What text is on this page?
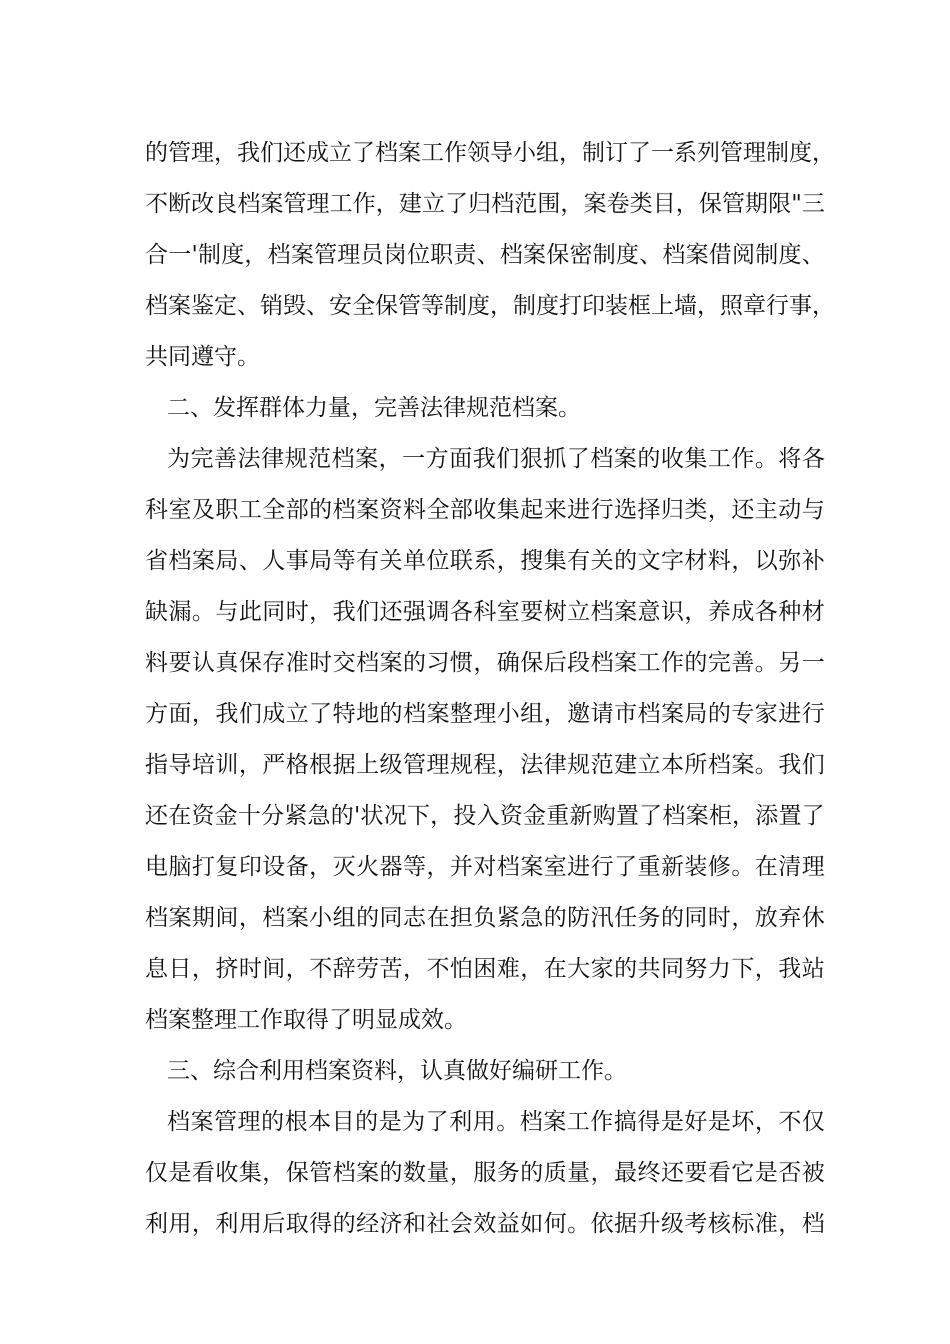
的 管 理 ， 我 们 还 成 立 了 档 案 工 作 领 导 小 组 ， 制 订 了 一 系 列 管 理 制 度 ，
不 断 改 良 档 案 管 理 工 作 ， 建 立 了 归 档 范 围 ， 案 卷 类 目 ， 保 管 期 限 " 三
合 一 ' 制 度 ， 档 案 管 理 员 岗 位 职 责 、 档 案 保 密 制 度 、 档 案 借 阅 制 度 、
档 案 鉴 定 、 销 毁 、 安 全 保 管 等 制 度 ， 制 度 打 印 装 框 上 墙 ， 照 章 行 事 ，
共同遵守。
二、发挥群体力量，完善法律规范档案。
为 完 善 法 律 规 范 档 案 ， 一 方 面 我 们 狠 抓 了 档 案 的 收 集 工 作 。 将 各
科 室 及 职 工 全 部 的 档 案 资 料 全 部 收 集 起 来 进 行 选 择 归 类 ， 还 主 动 与
省 档 案 局 、 人 事 局 等 有 关 单 位 联 系 ， 搜 集 有 关 的 文 字 材 料 ， 以 弥 补
缺 漏 。 与 此 同 时 ， 我 们 还 强 调 各 科 室 要 树 立 档 案 意 识 ， 养 成 各 种 材
料 要 认 真 保 存 准 时 交 档 案 的 习 惯 ， 确 保 后 段 档 案 工 作 的 完 善 。 另 一
方 面 ， 我 们 成 立 了 特 地 的 档 案 整 理 小 组 ， 邀 请 市 档 案 局 的 专 家 进 行
指 导 培 训 ， 严 格 根 据 上 级 管 理 规 程 ， 法 律 规 范 建 立 本 所 档 案 。 我 们
还 在 资 金 十 分 紧 急 的 ' 状 况 下 ， 投 入 资 金 重 新 购 置 了 档 案 柜 ， 添 置 了
电 脑 打 复 印 设 备 ， 灭 火 器 等 ， 并 对 档 案 室 进 行 了 重 新 装 修 。 在 清 理
档 案 期 间 ， 档 案 小 组 的 同 志 在 担 负 紧 急 的 防 汛 任 务 的 同 时 ， 放 弃 休
息 日 ， 挤 时 间 ， 不 辞 劳 苦 ， 不 怕 困 难 ， 在 大 家 的 共 同 努 力 下 ， 我 站
档案整理工作取得了明显成效。
三、综合利用档案资料，认真做好编研工作。
档 案 管 理 的 根 本 目 的 是 为 了 利 用 。 档 案 工 作 搞 得 是 好 是 坏 ， 不 仅
仅 是 看 收 集 ， 保 管 档 案 的 数 量 ， 服 务 的 质 量 ， 最 终 还 要 看 它 是 否 被
利 用 ， 利 用 后 取 得 的 经 济 和 社 会 效 益 如 何 。 依 据 升 级 考 核 标 准 ， 档
